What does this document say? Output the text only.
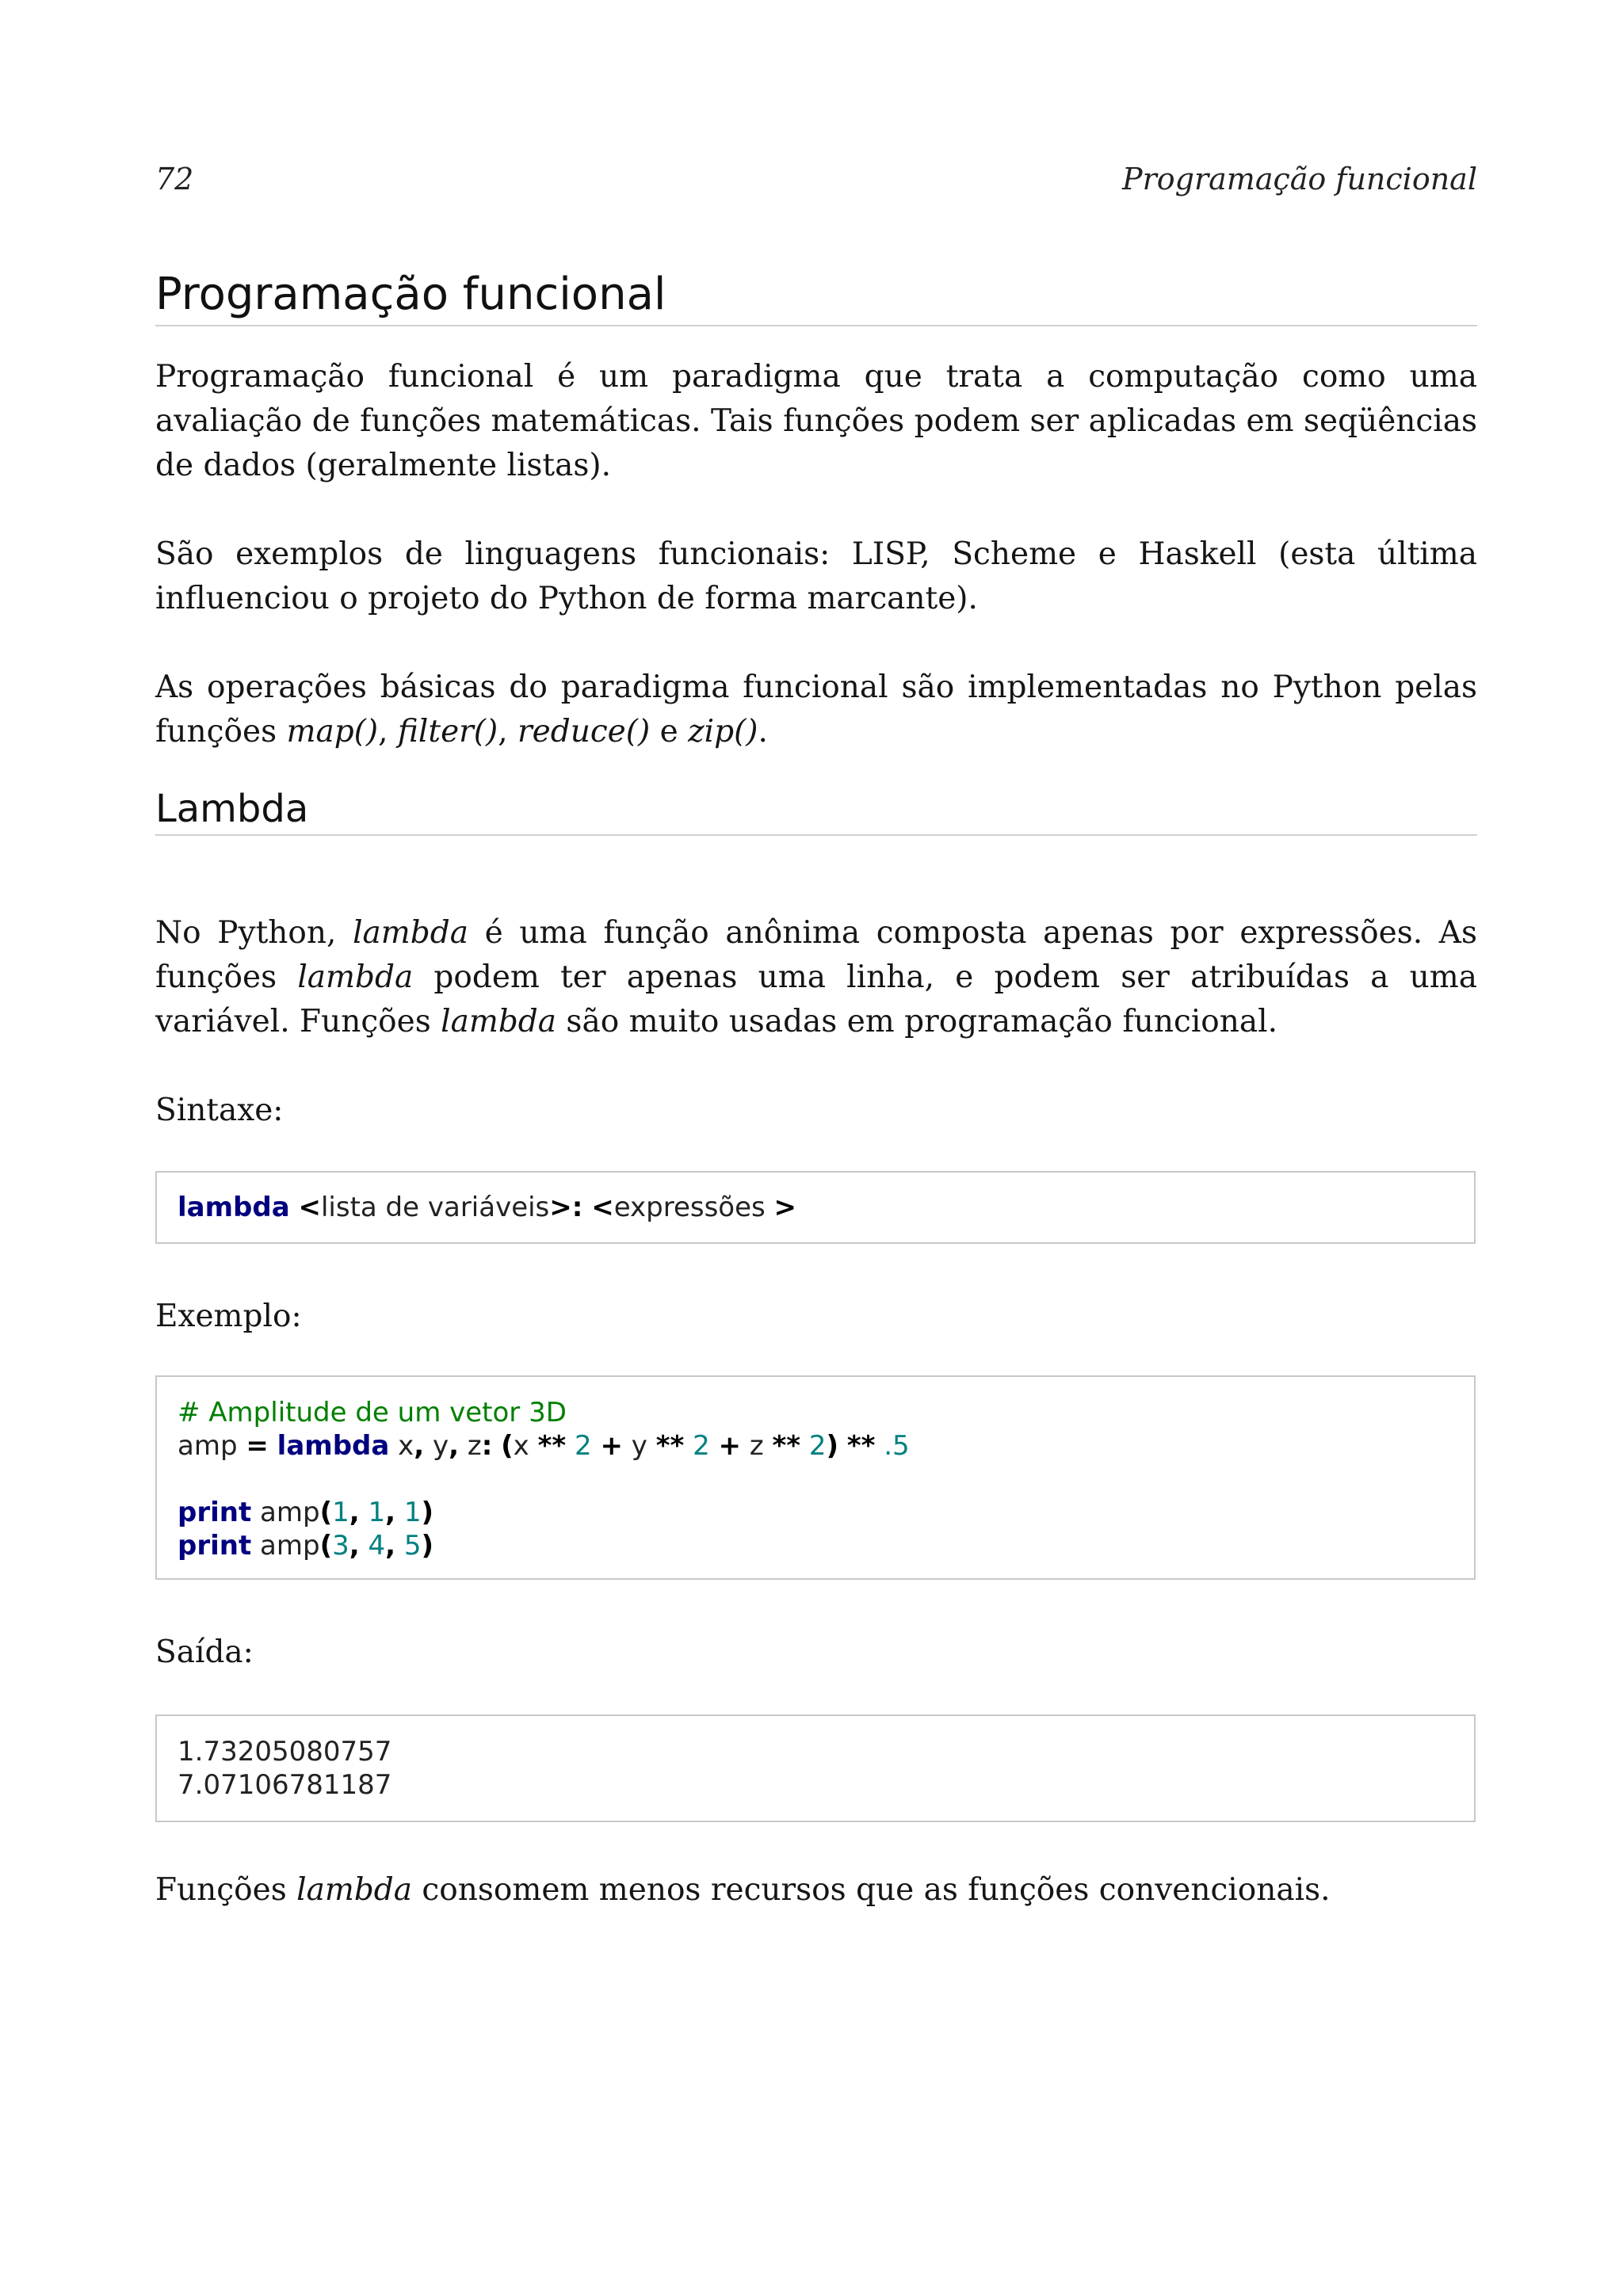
72	Programação funcional
Programação funcional

Programação funcional é um paradigma que trata a computação como uma avaliação de funções matemáticas. Tais funções podem ser aplicadas em seqüências de dados (geralmente listas).

São exemplos de linguagens funcionais: LISP, Scheme e Haskell (esta última influenciou o projeto do Python de forma marcante).

As operações básicas do paradigma funcional são implementadas no Python pelas funções map(), filter(), reduce() e zip().

Lambda

No Python, lambda é uma função anônima composta apenas por expressões. As funções lambda podem ter apenas uma linha, e podem ser atribuídas a uma variável. Funções lambda são muito usadas em programação funcional.

Sintaxe:

lambda <lista de variáveis>: <expressões >

Exemplo:

# Amplitude de um vetor 3D
amp = lambda x, y, z: (x ** 2 + y ** 2 + z ** 2) ** .5
print amp(1, 1, 1)
print amp(3, 4, 5)

Saída:

1.73205080757
7.07106781187

Funções lambda consomem menos recursos que as funções convencionais.
